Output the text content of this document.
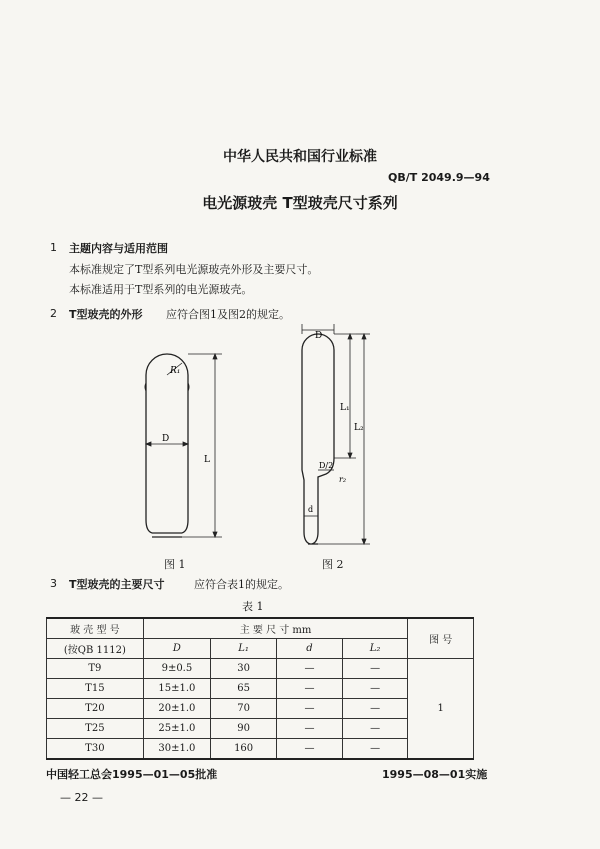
中华人民共和国行业标准
QB/T 2049.9—94
电光源玻壳 T型玻壳尺寸系列
1 主题内容与适用范围
本标准规定了T型系列电光源玻壳外形及主要尺寸。
本标准适用于T型系列的电光源玻壳。
2 T型玻壳的外形 应符合图1及图2的规定。
R₁
D
L
图 1
D
L₁
L₂
D/2
r₂
d
图 2
3 T型玻壳的主要尺寸	应符合表1的规定。
表 1
玻 壳 型 号	主 要 尺 寸 mm				图 号
(按QB 1112)	D	L₁	d	L₂	
T9	9±0.5	30	—	—	1
T15	15±1.0	65	—	—	
T20	20±1.0	70	—	—	
T25	25±1.0	90	—	—	
T30	30±1.0	160	—	—	
中国轻工总会1995—01—05批准	1995—08—01实施
— 22 —
